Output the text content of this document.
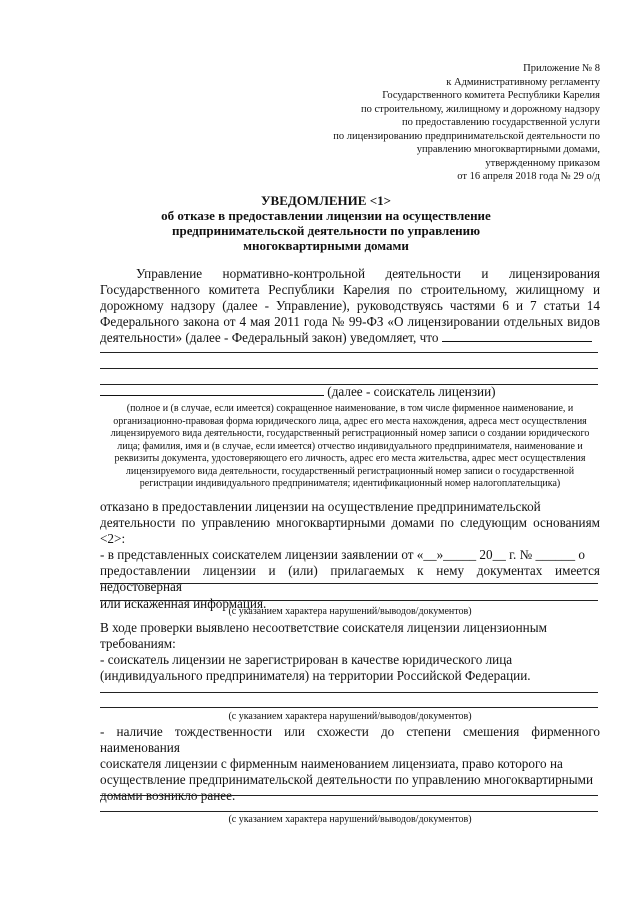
Приложение № 8
к Административному регламенту
Государственного комитета Республики Карелия
по строительному, жилищному и дорожному надзору
по предоставлению государственной услуги
по лицензированию предпринимательской деятельности по
управлению многоквартирными домами,
утвержденному приказом
от 16 апреля 2018 года № 29 о/д
УВЕДОМЛЕНИЕ <1>
об отказе в предоставлении лицензии на осуществление
предпринимательской деятельности по управлению
многоквартирными домами

Управление нормативно-контрольной деятельности и лицензирования Государственного комитета Республики Карелия по строительному, жилищному и дорожному надзору (далее - Управление), руководствуясь частями 6 и 7 статьи 14 Федерального закона от 4 мая 2011 года № 99-ФЗ «О лицензировании отдельных видов деятельности» (далее - Федеральный закон) уведомляет, что

(далее - соискатель лицензии)
(полное и (в случае, если имеется) сокращенное наименование, в том числе фирменное наименование, и организационно-правовая форма юридического лица, адрес его места нахождения, адреса мест осуществления лицензируемого вида деятельности, государственный регистрационный номер записи о создании юридического лица; фамилия, имя и (в случае, если имеется) отчество индивидуального предпринимателя, наименование и реквизиты документа, удостоверяющего его личность, адрес его места жительства, адрес мест осуществления лицензируемого вида деятельности, государственный регистрационный номер записи о государственной регистрации индивидуального предпринимателя; идентификационный номер налогоплательщика)

отказано в предоставлении лицензии на осуществление предпринимательской

деятельности по управлению многоквартирными домами по следующим основаниям <2>:

- в представленных соискателем лицензии заявлении от «__»_____ 20__ г. № ______ о

предоставлении лицензии и (или) прилагаемых к нему документах имеется недостоверная

или искаженная информация.

(с указанием характера нарушений/выводов/документов)

В ходе проверки выявлено несоответствие соискателя лицензии лицензионным

требованиям:

- соискатель лицензии не зарегистрирован в качестве юридического лица

(индивидуального предпринимателя) на территории Российской Федерации.

(с указанием характера нарушений/выводов/документов)

- наличие тождественности или схожести до степени смешения фирменного наименования

соискателя лицензии с фирменным наименованием лицензиата, право которого на

осуществление предпринимательской деятельности по управлению многоквартирными

домами возникло ранее.

(с указанием характера нарушений/выводов/документов)
